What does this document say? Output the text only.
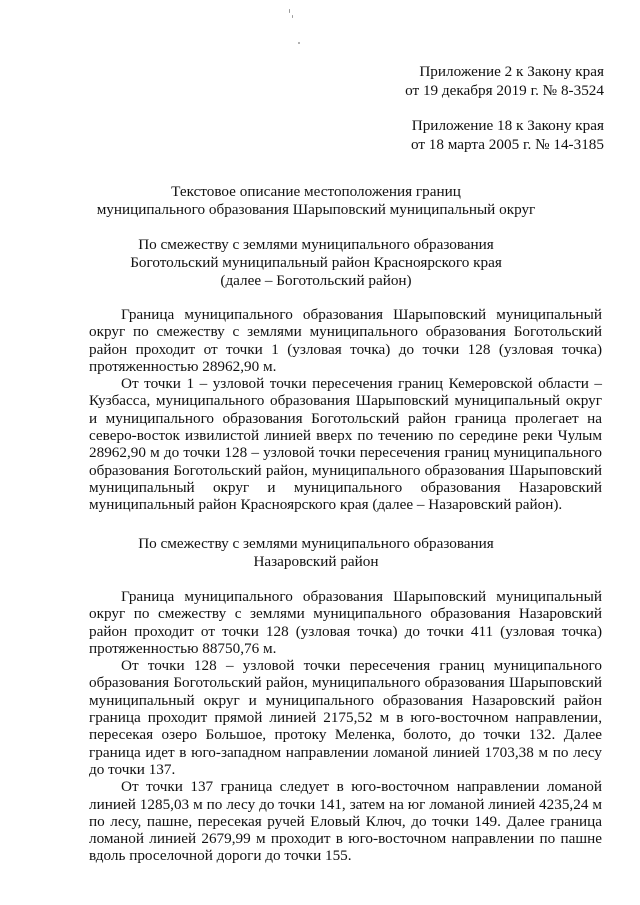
Приложение 2 к Закону края
от 19 декабря 2019 г. № 8-3524
Приложение 18 к Закону края
от 18 марта 2005 г. № 14-3185
Текстовое описание местоположения границ
муниципального образования Шарыповский муниципальный округ
По смежеству с землями муниципального образования
Боготольский муниципальный район Красноярского края
(далее – Боготольский район)

Граница муниципального образования Шарыповский муниципальный округ по смежеству с землями муниципального образования Боготольский район проходит от точки 1 (узловая точка) до точки 128 (узловая точка) протяженностью 28962,90 м.

От точки 1 – узловой точки пересечения границ Кемеровской области – Кузбасса, муниципального образования Шарыповский муниципальный округ и муниципального образования Боготольский район граница пролегает на северо-восток извилистой линией вверх по течению по середине реки Чулым 28962,90 м до точки 128 – узловой точки пересечения границ муниципального образования Боготольский район, муниципального образования Шарыповский муниципальный округ и муниципального образования Назаровский муниципальный район Красноярского края (далее – Назаровский район).

По смежеству с землями муниципального образования
Назаровский район

Граница муниципального образования Шарыповский муниципальный округ по смежеству с землями муниципального образования Назаровский район проходит от точки 128 (узловая точка) до точки 411 (узловая точка) протяженностью 88750,76 м.

От точки 128 – узловой точки пересечения границ муниципального образования Боготольский район, муниципального образования Шарыповский муниципальный округ и муниципального образования Назаровский район граница проходит прямой линией 2175,52 м в юго-восточном направлении, пересекая озеро Большое, протоку Меленка, болото, до точки 132. Далее граница идет в юго-западном направлении ломаной линией 1703,38 м по лесу до точки 137.

От точки 137 граница следует в юго-восточном направлении ломаной линией 1285,03 м по лесу до точки 141, затем на юг ломаной линией 4235,24 м по лесу, пашне, пересекая ручей Еловый Ключ, до точки 149. Далее граница ломаной линией 2679,99 м проходит в юго-восточном направлении по пашне вдоль проселочной дороги до точки 155.
